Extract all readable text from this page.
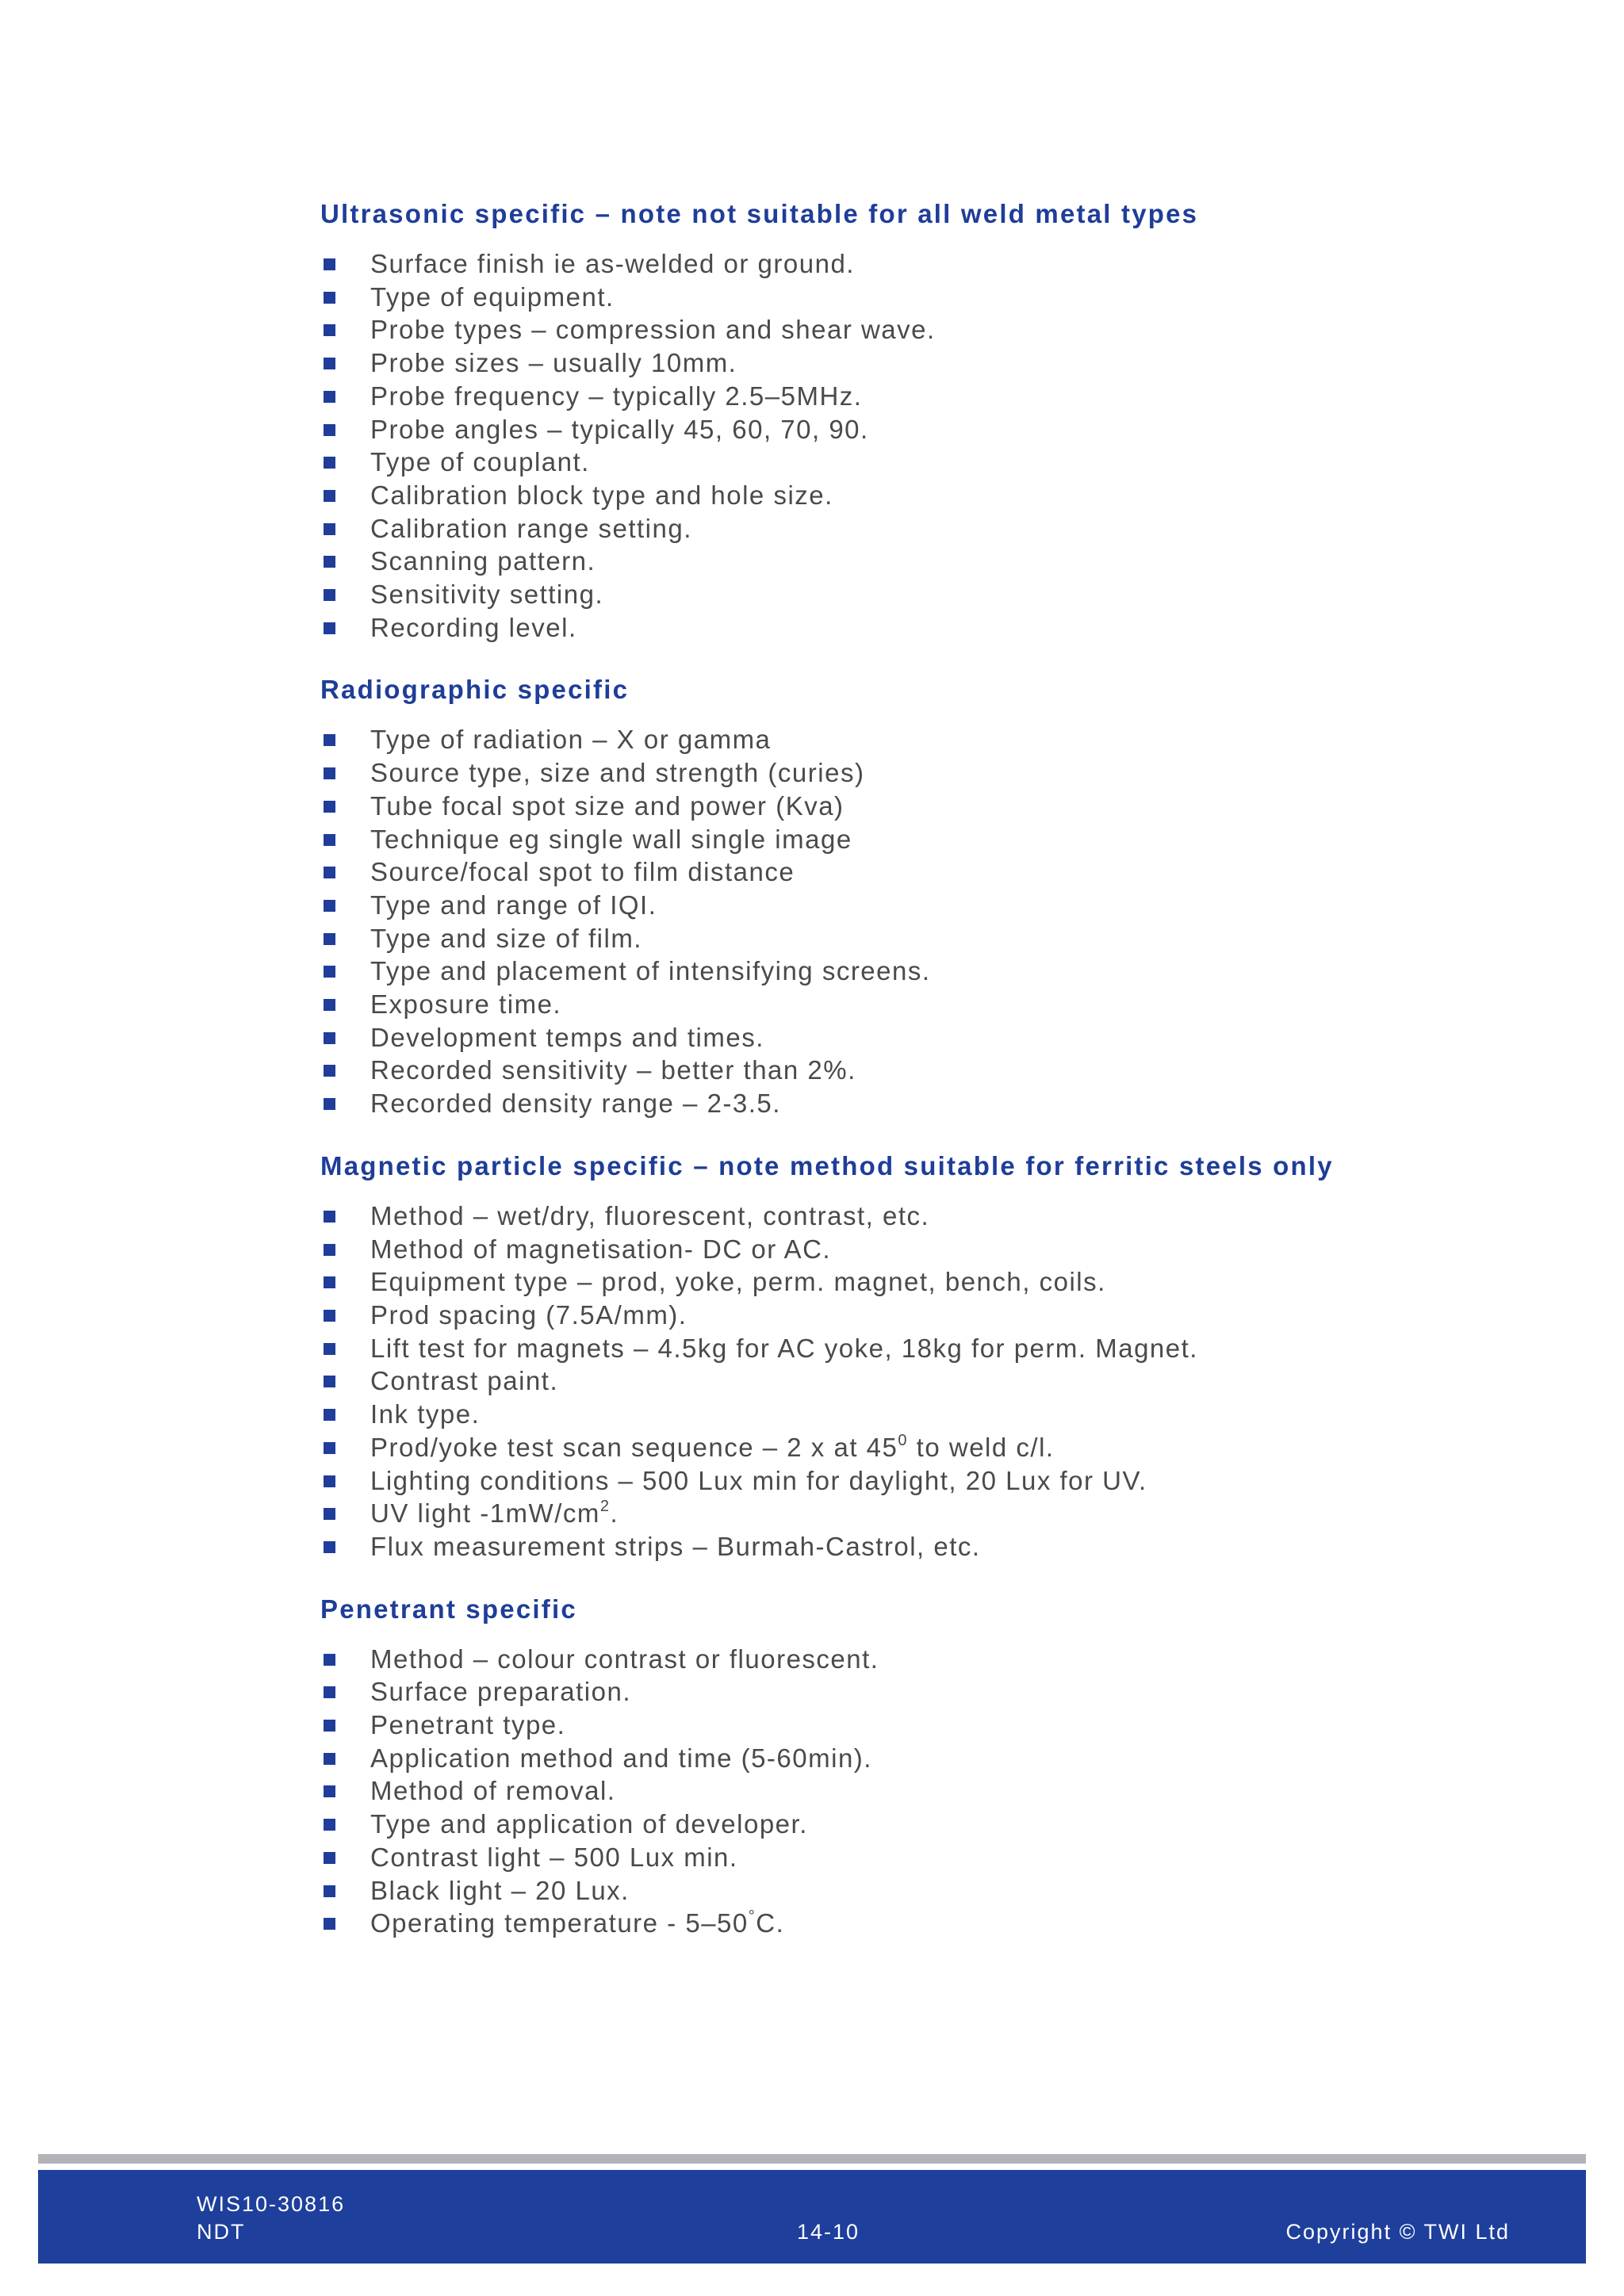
Ultrasonic specific – note not suitable for all weld metal types
Surface finish ie as-welded or ground.
Type of equipment.
Probe types – compression and shear wave.
Probe sizes – usually 10mm.
Probe frequency – typically 2.5–5MHz.
Probe angles – typically 45, 60, 70, 90.
Type of couplant.
Calibration block type and hole size.
Calibration range setting.
Scanning pattern.
Sensitivity setting.
Recording level.
Radiographic specific
Type of radiation – X or gamma
Source type, size and strength (curies)
Tube focal spot size and power (Kva)
Technique eg single wall single image
Source/focal spot to film distance
Type and range of IQI.
Type and size of film.
Type and placement of intensifying screens.
Exposure time.
Development temps and times.
Recorded sensitivity – better than 2%.
Recorded density range – 2-3.5.
Magnetic particle specific – note method suitable for ferritic steels only
Method – wet/dry, fluorescent, contrast, etc.
Method of magnetisation- DC or AC.
Equipment type – prod, yoke, perm. magnet, bench, coils.
Prod spacing (7.5A/mm).
Lift test for magnets – 4.5kg for AC yoke, 18kg for perm. Magnet.
Contrast paint.
Ink type.
Prod/yoke test scan sequence – 2 x at $45^0$ to weld c/l.
Lighting conditions – 500 Lux min for daylight, 20 Lux for UV.
UV light $-1mW/cm^2$.
Flux measurement strips – Burmah-Castrol, etc.
Penetrant specific
Method – colour contrast or fluorescent.
Surface preparation.
Penetrant type.
Application method and time (5-60min).
Method of removal.
Type and application of developer.
Contrast light – 500 Lux min.
Black light – 20 Lux.
Operating temperature - 5–50°C.
WIS10-30816
NDT	14-10	Copyright © TWI Ltd
